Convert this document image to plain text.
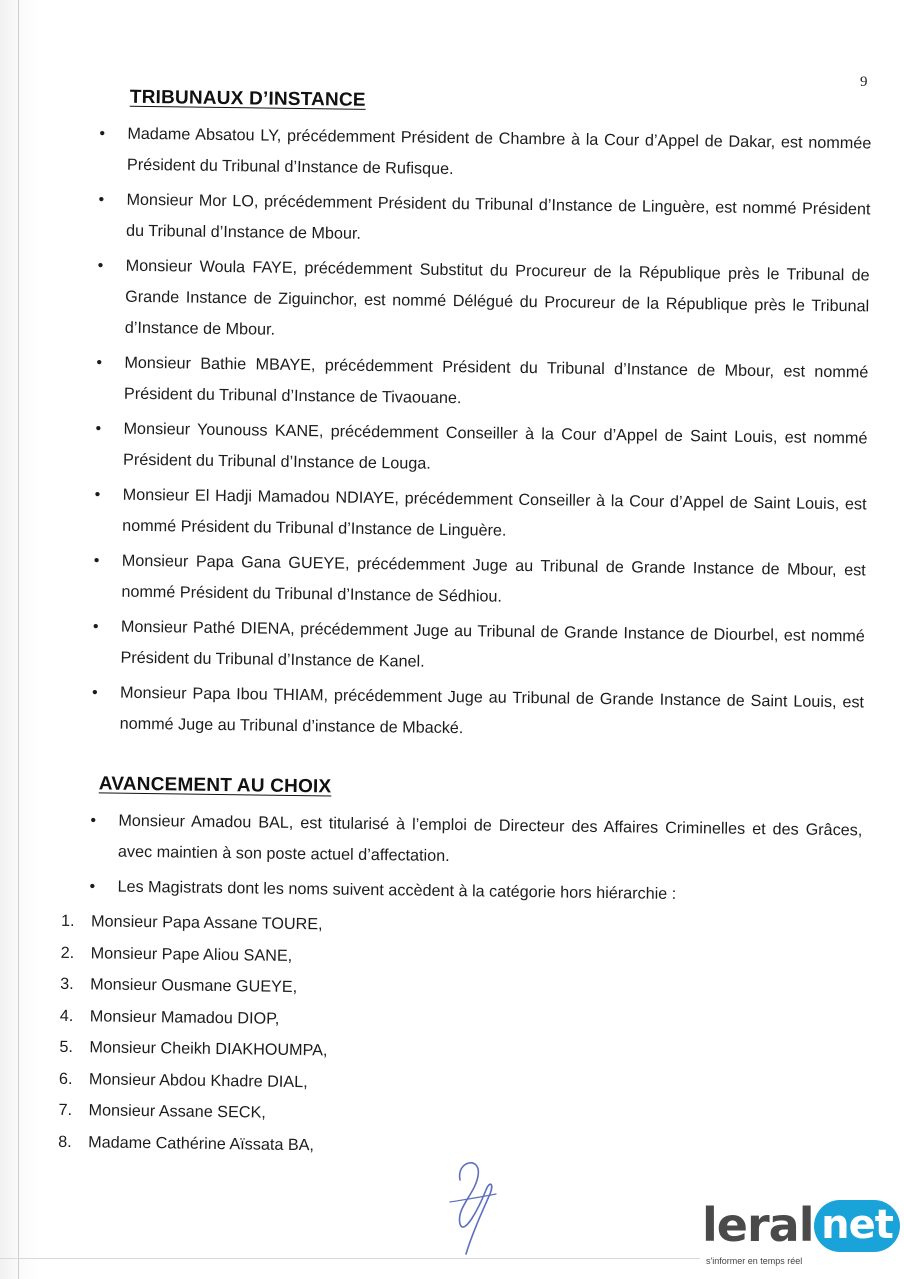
9
TRIBUNAUX D’INSTANCE
• Madame Absatou LY, précédemment Président de Chambre à la Cour d’Appel de Dakar, est nommée Président du Tribunal d’Instance de Rufisque.
• Monsieur Mor LO, précédemment Président du Tribunal d’Instance de Linguère, est nommé Président du Tribunal d’Instance de Mbour.
• Monsieur Woula FAYE, précédemment Substitut du Procureur de la République près le Tribunal de Grande Instance de Ziguinchor, est nommé Délégué du Procureur de la République près le Tribunal d’Instance de Mbour.
• Monsieur Bathie MBAYE, précédemment Président du Tribunal d’Instance de Mbour, est nommé Président du Tribunal d’Instance de Tivaouane.
• Monsieur Younouss KANE, précédemment Conseiller à la Cour d’Appel de Saint Louis, est nommé Président du Tribunal d’Instance de Louga.
• Monsieur El Hadji Mamadou NDIAYE, précédemment Conseiller à la Cour d’Appel de Saint Louis, est nommé Président du Tribunal d’Instance de Linguère.
• Monsieur Papa Gana GUEYE, précédemment Juge au Tribunal de Grande Instance de Mbour, est nommé Président du Tribunal d’Instance de Sédhiou.
• Monsieur Pathé DIENA, précédemment Juge au Tribunal de Grande Instance de Diourbel, est nommé Président du Tribunal d’Instance de Kanel.
• Monsieur Papa Ibou THIAM, précédemment Juge au Tribunal de Grande Instance de Saint Louis, est nommé Juge au Tribunal d’instance de Mbacké.
AVANCEMENT AU CHOIX
• Monsieur Amadou BAL, est titularisé à l’emploi de Directeur des Affaires Criminelles et des Grâces, avec maintien à son poste actuel d’affectation.
• Les Magistrats dont les noms suivent accèdent à la catégorie hors hiérarchie :
1. Monsieur Papa Assane TOURE,
2. Monsieur Pape Aliou SANE,
3. Monsieur Ousmane GUEYE,
4. Monsieur Mamadou DIOP,
5. Monsieur Cheikh DIAKHOUMPA,
6. Monsieur Abdou Khadre DIAL,
7. Monsieur Assane SECK,
8. Madame Cathérine Aïssata BA,
leral net
s'informer en temps réel
